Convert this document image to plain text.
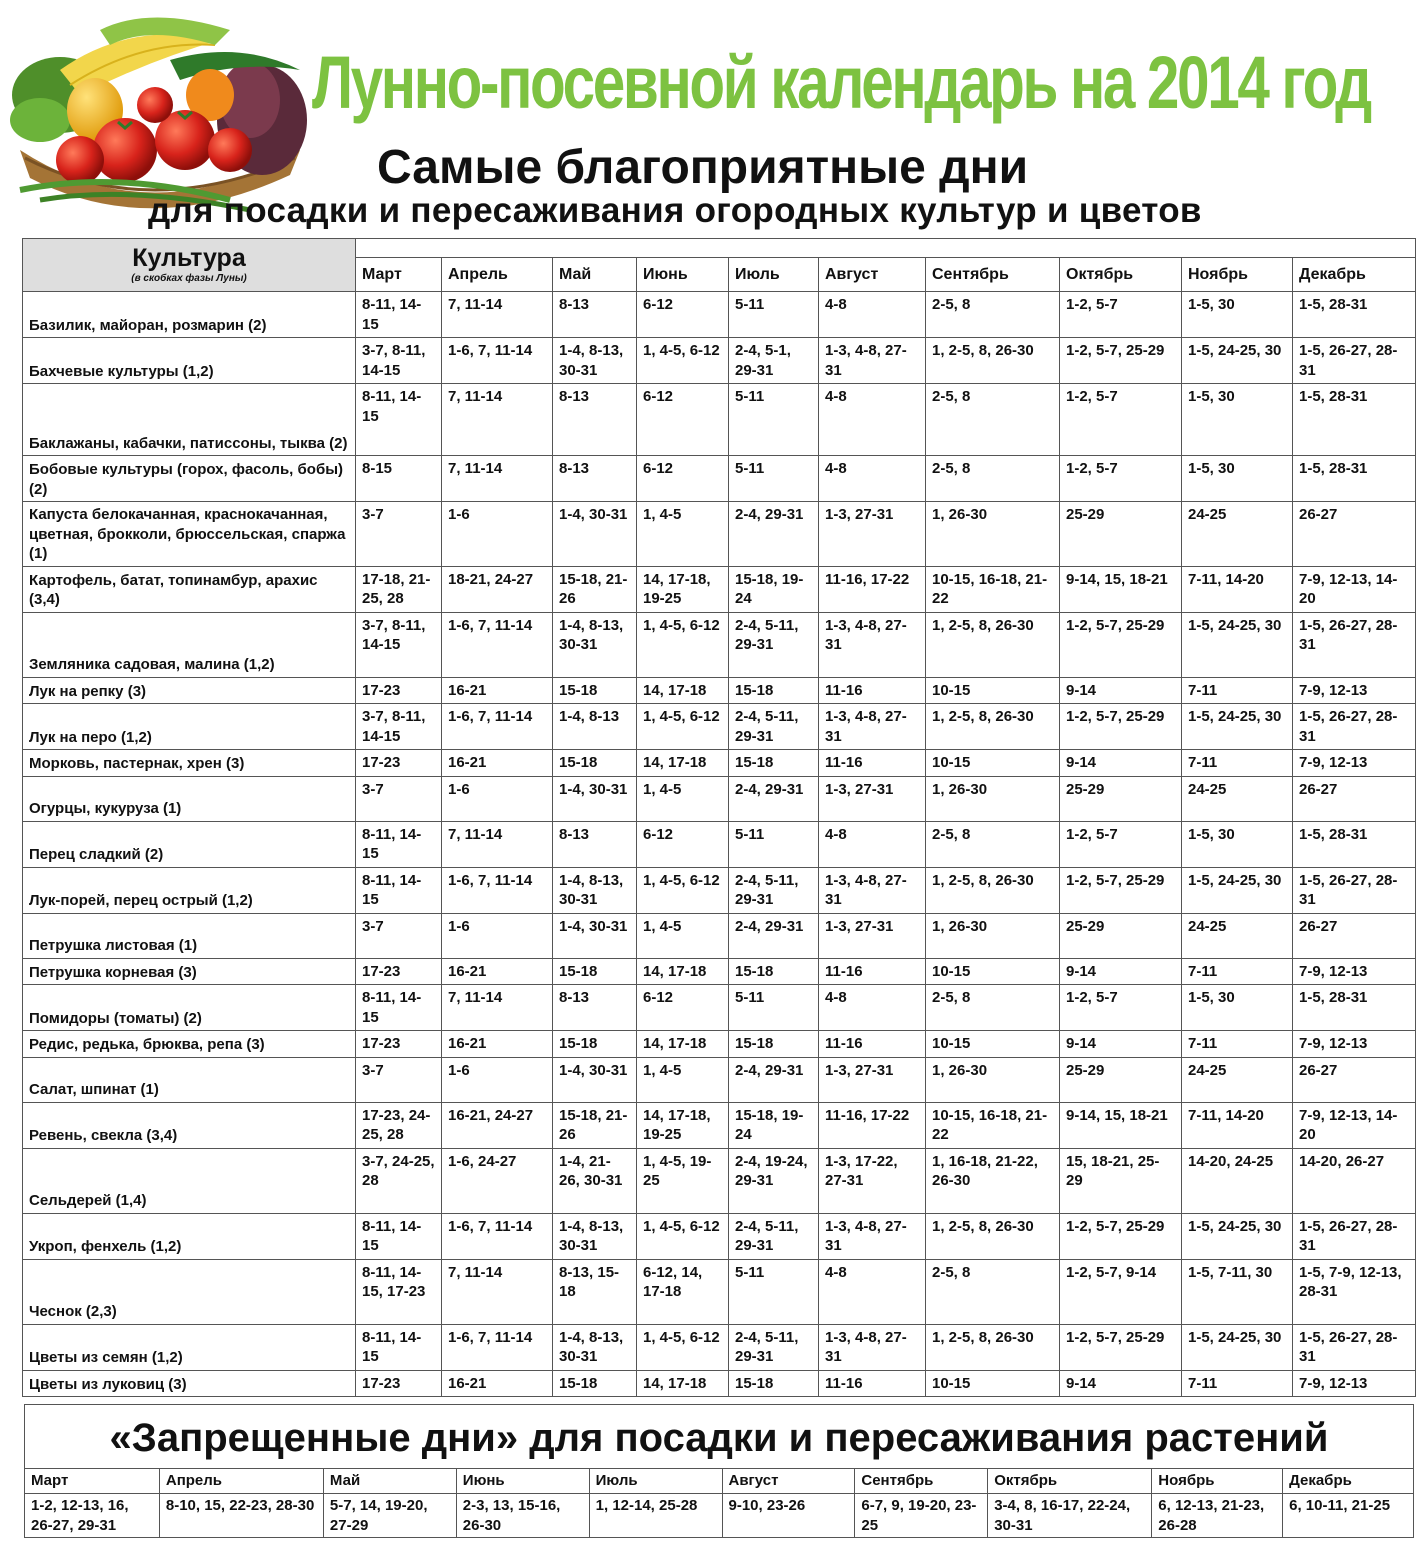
Лунно-посевной календарь на 2014 год
Самые благоприятные дни
для посадки и пересаживания огородных культур и цветов
Культура
(в скобках фазы Луны)										

	Март	Апрель	Май	Июнь	Июль	Август	Сентябрь	Октябрь	Ноябрь	Декабрь
Базилик, майоран, розмарин (2)	8-11, 14-15	7, 11-14	8-13	6-12	5-11	4-8	2-5, 8	1-2, 5-7	1-5, 30	1-5, 28-31
Бахчевые культуры (1,2)	3-7, 8-11, 14-15	1-6, 7, 11-14	1-4, 8-13, 30-31	1, 4-5, 6-12	2-4, 5-1, 29-31	1-3, 4-8, 27-31	1, 2-5, 8, 26-30	1-2, 5-7, 25-29	1-5, 24-25, 30	1-5, 26-27, 28-31
Баклажаны, кабачки, патиссоны, тыква (2)	8-11, 14-15	7, 11-14	8-13	6-12	5-11	4-8	2-5, 8	1-2, 5-7	1-5, 30	1-5, 28-31
Бобовые культуры (горох, фасоль, бобы) (2)	8-15	7, 11-14	8-13	6-12	5-11	4-8	2-5, 8	1-2, 5-7	1-5, 30	1-5, 28-31
Капуста белокачанная, краснокачанная, цветная, брокколи, брюссельская, спаржа (1)	3-7	1-6	1-4, 30-31	1, 4-5	2-4, 29-31	1-3, 27-31	1, 26-30	25-29	24-25	26-27
Картофель, батат, топинамбур, арахис (3,4)	17-18, 21-25, 28	18-21, 24-27	15-18, 21-26	14, 17-18, 19-25	15-18, 19-24	11-16, 17-22	10-15, 16-18, 21-22	9-14, 15, 18-21	7-11, 14-20	7-9, 12-13, 14-20
Земляника садовая, малина (1,2)	3-7, 8-11, 14-15	1-6, 7, 11-14	1-4, 8-13, 30-31	1, 4-5, 6-12	2-4, 5-11, 29-31	1-3, 4-8, 27-31	1, 2-5, 8, 26-30	1-2, 5-7, 25-29	1-5, 24-25, 30	1-5, 26-27, 28-31
Лук на репку (3)	17-23	16-21	15-18	14, 17-18	15-18	11-16	10-15	9-14	7-11	7-9, 12-13
Лук на перо (1,2)	3-7, 8-11, 14-15	1-6, 7, 11-14	1-4, 8-13	1, 4-5, 6-12	2-4, 5-11, 29-31	1-3, 4-8, 27-31	1, 2-5, 8, 26-30	1-2, 5-7, 25-29	1-5, 24-25, 30	1-5, 26-27, 28-31
Морковь, пастернак, хрен (3)	17-23	16-21	15-18	14, 17-18	15-18	11-16	10-15	9-14	7-11	7-9, 12-13
Огурцы, кукуруза (1)	3-7	1-6	1-4, 30-31	1, 4-5	2-4, 29-31	1-3, 27-31	1, 26-30	25-29	24-25	26-27
Перец сладкий (2)	8-11, 14-15	7, 11-14	8-13	6-12	5-11	4-8	2-5, 8	1-2, 5-7	1-5, 30	1-5, 28-31
Лук-порей, перец острый (1,2)	8-11, 14-15	1-6, 7, 11-14	1-4, 8-13, 30-31	1, 4-5, 6-12	2-4, 5-11, 29-31	1-3, 4-8, 27-31	1, 2-5, 8, 26-30	1-2, 5-7, 25-29	1-5, 24-25, 30	1-5, 26-27, 28-31
Петрушка листовая (1)	3-7	1-6	1-4, 30-31	1, 4-5	2-4, 29-31	1-3, 27-31	1, 26-30	25-29	24-25	26-27
Петрушка корневая (3)	17-23	16-21	15-18	14, 17-18	15-18	11-16	10-15	9-14	7-11	7-9, 12-13
Помидоры (томаты) (2)	8-11, 14-15	7, 11-14	8-13	6-12	5-11	4-8	2-5, 8	1-2, 5-7	1-5, 30	1-5, 28-31
Редис, редька, брюква, репа (3)	17-23	16-21	15-18	14, 17-18	15-18	11-16	10-15	9-14	7-11	7-9, 12-13
Салат, шпинат (1)	3-7	1-6	1-4, 30-31	1, 4-5	2-4, 29-31	1-3, 27-31	1, 26-30	25-29	24-25	26-27
Ревень, свекла (3,4)	17-23, 24-25, 28	16-21, 24-27	15-18, 21-26	14, 17-18, 19-25	15-18, 19-24	11-16, 17-22	10-15, 16-18, 21-22	9-14, 15, 18-21	7-11, 14-20	7-9, 12-13, 14-20
Сельдерей (1,4)	3-7, 24-25, 28	1-6, 24-27	1-4, 21-26, 30-31	1, 4-5, 19-25	2-4, 19-24, 29-31	1-3, 17-22, 27-31	1, 16-18, 21-22, 26-30	15, 18-21, 25-29	14-20, 24-25	14-20, 26-27
Укроп, фенхель (1,2)	8-11, 14-15	1-6, 7, 11-14	1-4, 8-13, 30-31	1, 4-5, 6-12	2-4, 5-11, 29-31	1-3, 4-8, 27-31	1, 2-5, 8, 26-30	1-2, 5-7, 25-29	1-5, 24-25, 30	1-5, 26-27, 28-31
Чеснок (2,3)	8-11, 14-15, 17-23	7, 11-14	8-13, 15-18	6-12, 14, 17-18	5-11	4-8	2-5, 8	1-2, 5-7, 9-14	1-5, 7-11, 30	1-5, 7-9, 12-13, 28-31
Цветы из семян (1,2)	8-11, 14-15	1-6, 7, 11-14	1-4, 8-13, 30-31	1, 4-5, 6-12	2-4, 5-11, 29-31	1-3, 4-8, 27-31	1, 2-5, 8, 26-30	1-2, 5-7, 25-29	1-5, 24-25, 30	1-5, 26-27, 28-31
Цветы из луковиц (3)	17-23	16-21	15-18	14, 17-18	15-18	11-16	10-15	9-14	7-11	7-9, 12-13
«Запрещенные дни» для посадки и пересаживания растений
Март	Апрель	Май	Июнь	Июль	Август	Сентябрь	Октябрь	Ноябрь	Декабрь
1-2, 12-13, 16, 26-27, 29-31	8-10, 15, 22-23, 28-30	5-7, 14, 19-20, 27-29	2-3, 13, 15-16, 26-30	1, 12-14, 25-28	9-10, 23-26	6-7, 9, 19-20, 23-25	3-4, 8, 16-17, 22-24, 30-31	6, 12-13, 21-23, 26-28	6, 10-11, 21-25
